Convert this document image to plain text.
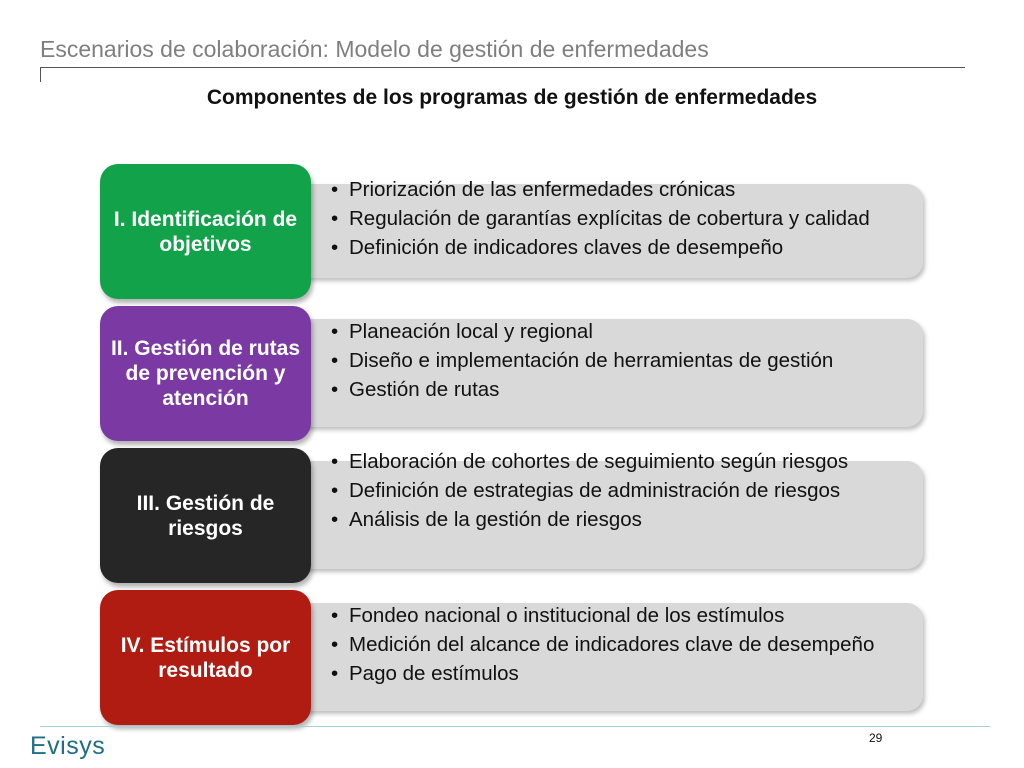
Escenarios de colaboración: Modelo de gestión de enfermedades
Componentes de los programas de gestión de enfermedades
I. Identificación de objetivos
• Priorización de las enfermedades crónicas
• Regulación de garantías explícitas de cobertura y calidad
• Definición de indicadores claves de desempeño
II. Gestión de rutas de prevención y atención
• Planeación local y regional
• Diseño e implementación de herramientas de gestión
• Gestión de rutas
III. Gestión de riesgos
• Elaboración de cohortes de seguimiento según riesgos
• Definición de estrategias de administración de riesgos
• Análisis de la gestión de riesgos
IV. Estímulos por resultado
• Fondeo nacional o institucional de los estímulos
• Medición del alcance de indicadores clave de desempeño
• Pago de estímulos
29
Evisys
